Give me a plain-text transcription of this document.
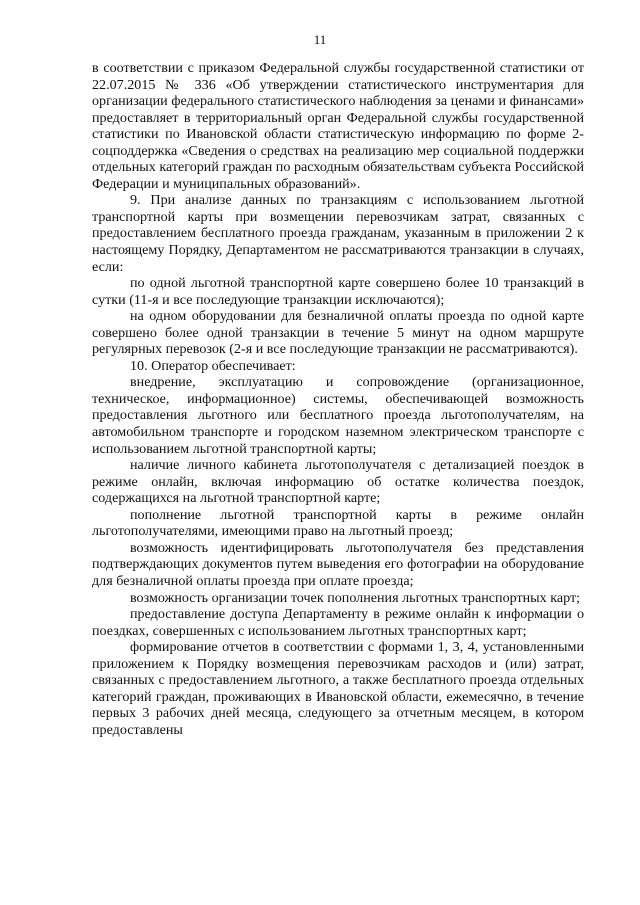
11

в соответствии с приказом Федеральной службы государственной статистики от 22.07.2015 № 336 «Об утверждении статистического инструментария для организации федерального статистического наблюдения за ценами и финансами» предоставляет в территориальный орган Федеральной службы государственной статистики по Ивановской области статистическую информацию по форме 2-соцподдержка «Сведения о средствах на реализацию мер социальной поддержки отдельных категорий граждан по расходным обязательствам субъекта Российской Федерации и муниципальных образований».

9. При анализе данных по транзакциям с использованием льготной транспортной карты при возмещении перевозчикам затрат, связанных с предоставлением бесплатного проезда гражданам, указанным в приложении 2 к настоящему Порядку, Департаментом не рассматриваются транзакции в случаях, если:

по одной льготной транспортной карте совершено более 10 транзакций в сутки (11-я и все последующие транзакции исключаются);

на одном оборудовании для безналичной оплаты проезда по одной карте совершено более одной транзакции в течение 5 минут на одном маршруте регулярных перевозок (2-я и все последующие транзакции не рассматриваются).

10. Оператор обеспечивает:

внедрение, эксплуатацию и сопровождение (организационное, техническое, информационное) системы, обеспечивающей возможность предоставления льготного или бесплатного проезда льготополучателям, на автомобильном транспорте и городском наземном электрическом транспорте с использованием льготной транспортной карты;

наличие личного кабинета льготополучателя с детализацией поездок в режиме онлайн, включая информацию об остатке количества поездок, содержащихся на льготной транспортной карте;

пополнение льготной транспортной карты в режиме онлайн льготополучателями, имеющими право на льготный проезд;

возможность идентифицировать льготополучателя без представления подтверждающих документов путем выведения его фотографии на оборудование для безналичной оплаты проезда при оплате проезда;

возможность организации точек пополнения льготных транспортных карт;

предоставление доступа Департаменту в режиме онлайн к информации о поездках, совершенных с использованием льготных транспортных карт;

формирование отчетов в соответствии с формами 1, 3, 4, установленными приложением к Порядку возмещения перевозчикам расходов и (или) затрат, связанных с предоставлением льготного, а также бесплатного проезда отдельных категорий граждан, проживающих в Ивановской области, ежемесячно, в течение первых 3 рабочих дней месяца, следующего за отчетным месяцем, в котором предоставлены
